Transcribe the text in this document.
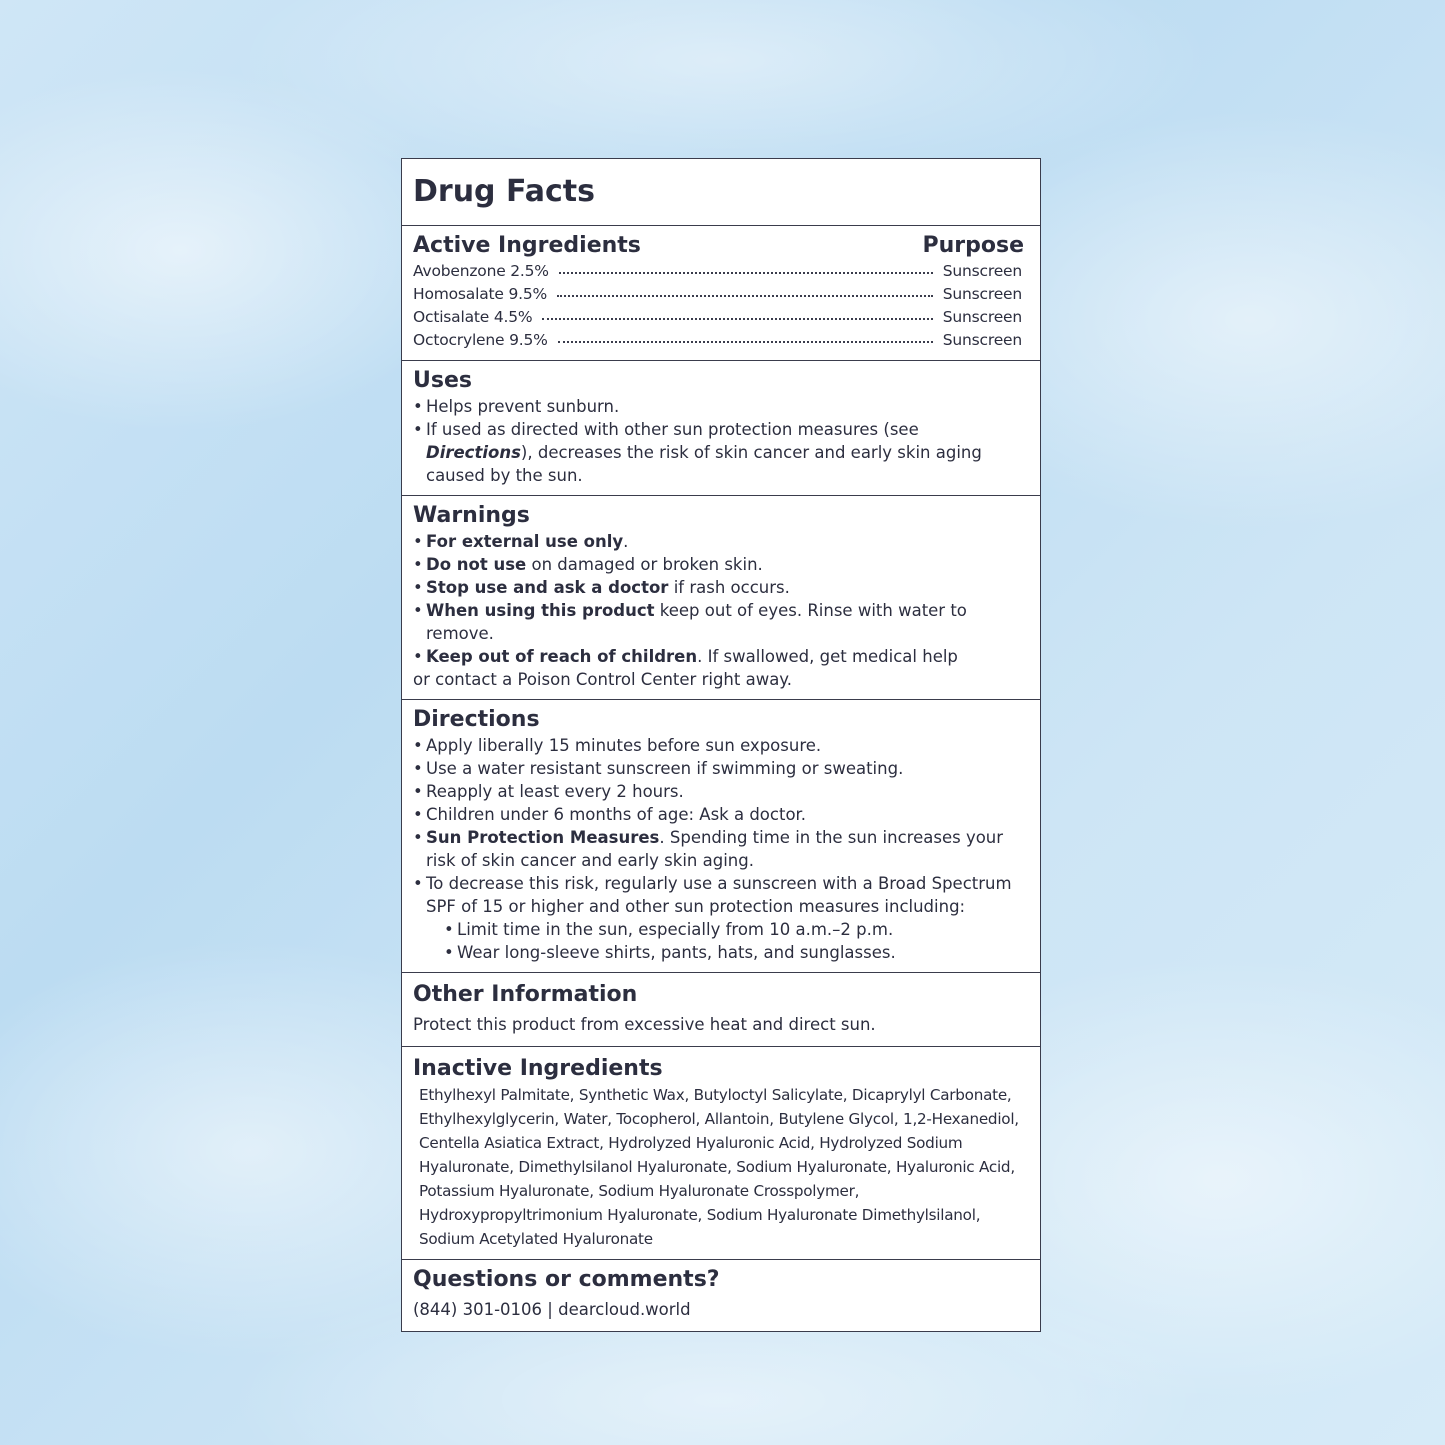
Drug Facts
Active Ingredients	Purpose
Avobenzone 2.5%	Sunscreen
Homosalate 9.5%	Sunscreen
Octisalate 4.5%	Sunscreen
Octocrylene 9.5%	Sunscreen
Uses
• Helps prevent sunburn.
• If used as directed with other sun protection measures (see Directions), decreases the risk of skin cancer and early skin aging caused by the sun.
Warnings
• For external use only.
• Do not use on damaged or broken skin.
• Stop use and ask a doctor if rash occurs.
• When using this product keep out of eyes. Rinse with water to remove.
• Keep out of reach of children. If swallowed, get medical help
or contact a Poison Control Center right away.
Directions
• Apply liberally 15 minutes before sun exposure.
• Use a water resistant sunscreen if swimming or sweating.
• Reapply at least every 2 hours.
• Children under 6 months of age: Ask a doctor.
• Sun Protection Measures. Spending time in the sun increases your risk of skin cancer and early skin aging.
• To decrease this risk, regularly use a sunscreen with a Broad Spectrum SPF of 15 or higher and other sun protection measures including:
• Limit time in the sun, especially from 10 a.m.–2 p.m.
• Wear long-sleeve shirts, pants, hats, and sunglasses.
Other Information

Protect this product from excessive heat and direct sun.

Inactive Ingredients

Ethylhexyl Palmitate, Synthetic Wax, Butyloctyl Salicylate, Dicaprylyl Carbonate, Ethylhexylglycerin, Water, Tocopherol, Allantoin, Butylene Glycol, 1,2-Hexanediol, Centella Asiatica Extract, Hydrolyzed Hyaluronic Acid, Hydrolyzed Sodium Hyaluronate, Dimethylsilanol Hyaluronate, Sodium Hyaluronate, Hyaluronic Acid, Potassium Hyaluronate, Sodium Hyaluronate Crosspolymer, Hydroxypropyltrimonium Hyaluronate, Sodium Hyaluronate Dimethylsilanol, Sodium Acetylated Hyaluronate

Questions or comments?

(844) 301-0106 | dearcloud.world
